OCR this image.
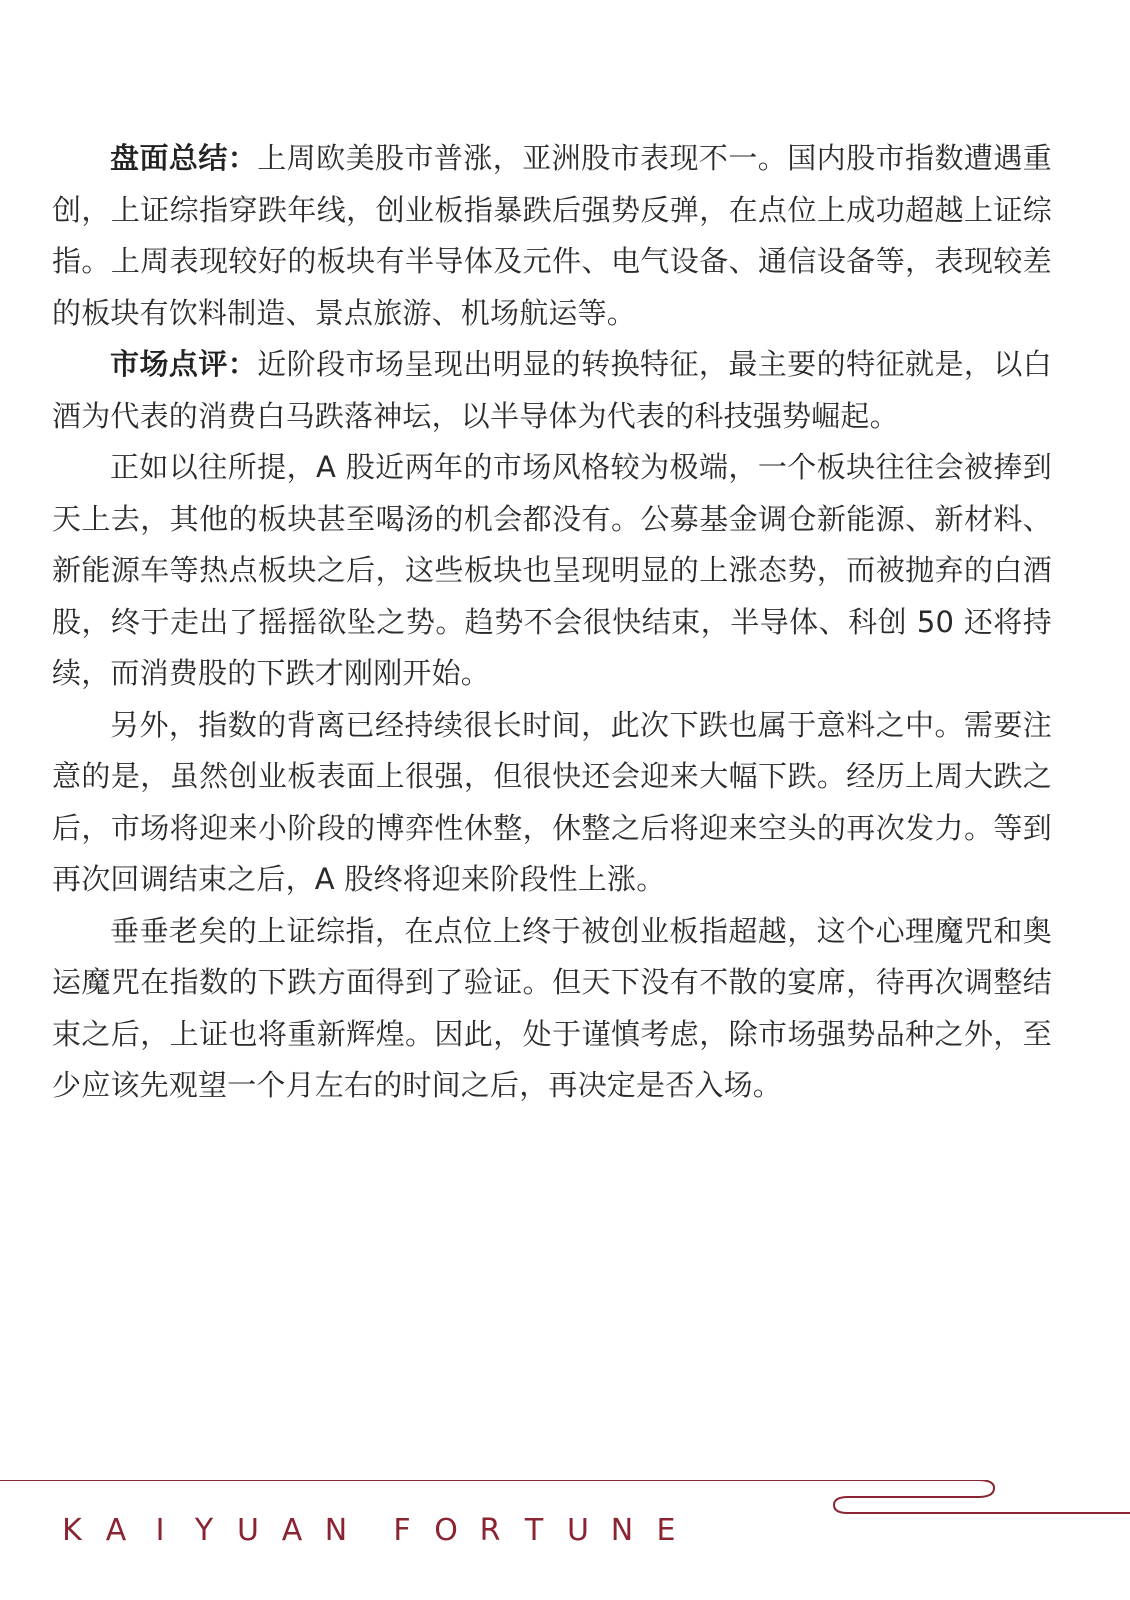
盘面总结：上周欧美股市普涨，亚洲股市表现不一。国内股市指数遭遇重创，上证综指穿跌年线，创业板指暴跌后强势反弹，在点位上成功超越上证综指。上周表现较好的板块有半导体及元件、电气设备、通信设备等，表现较差的板块有饮料制造、景点旅游、机场航运等。

市场点评：近阶段市场呈现出明显的转换特征，最主要的特征就是，以白酒为代表的消费白马跌落神坛，以半导体为代表的科技强势崛起。

正如以往所提，A 股近两年的市场风格较为极端，一个板块往往会被捧到天上去，其他的板块甚至喝汤的机会都没有。公募基金调仓新能源、新材料、新能源车等热点板块之后，这些板块也呈现明显的上涨态势，而被抛弃的白酒股，终于走出了摇摇欲坠之势。趋势不会很快结束，半导体、科创 50 还将持续，而消费股的下跌才刚刚开始。

另外，指数的背离已经持续很长时间，此次下跌也属于意料之中。需要注意的是，虽然创业板表面上很强，但很快还会迎来大幅下跌。经历上周大跌之后，市场将迎来小阶段的博弈性休整，休整之后将迎来空头的再次发力。等到再次回调结束之后，A 股终将迎来阶段性上涨。

垂垂老矣的上证综指，在点位上终于被创业板指超越，这个心理魔咒和奥运魔咒在指数的下跌方面得到了验证。但天下没有不散的宴席，待再次调整结束之后，上证也将重新辉煌。因此，处于谨慎考虑，除市场强势品种之外，至少应该先观望一个月左右的时间之后，再决定是否入场。

K A I	Y U A N	F O R T U N E
